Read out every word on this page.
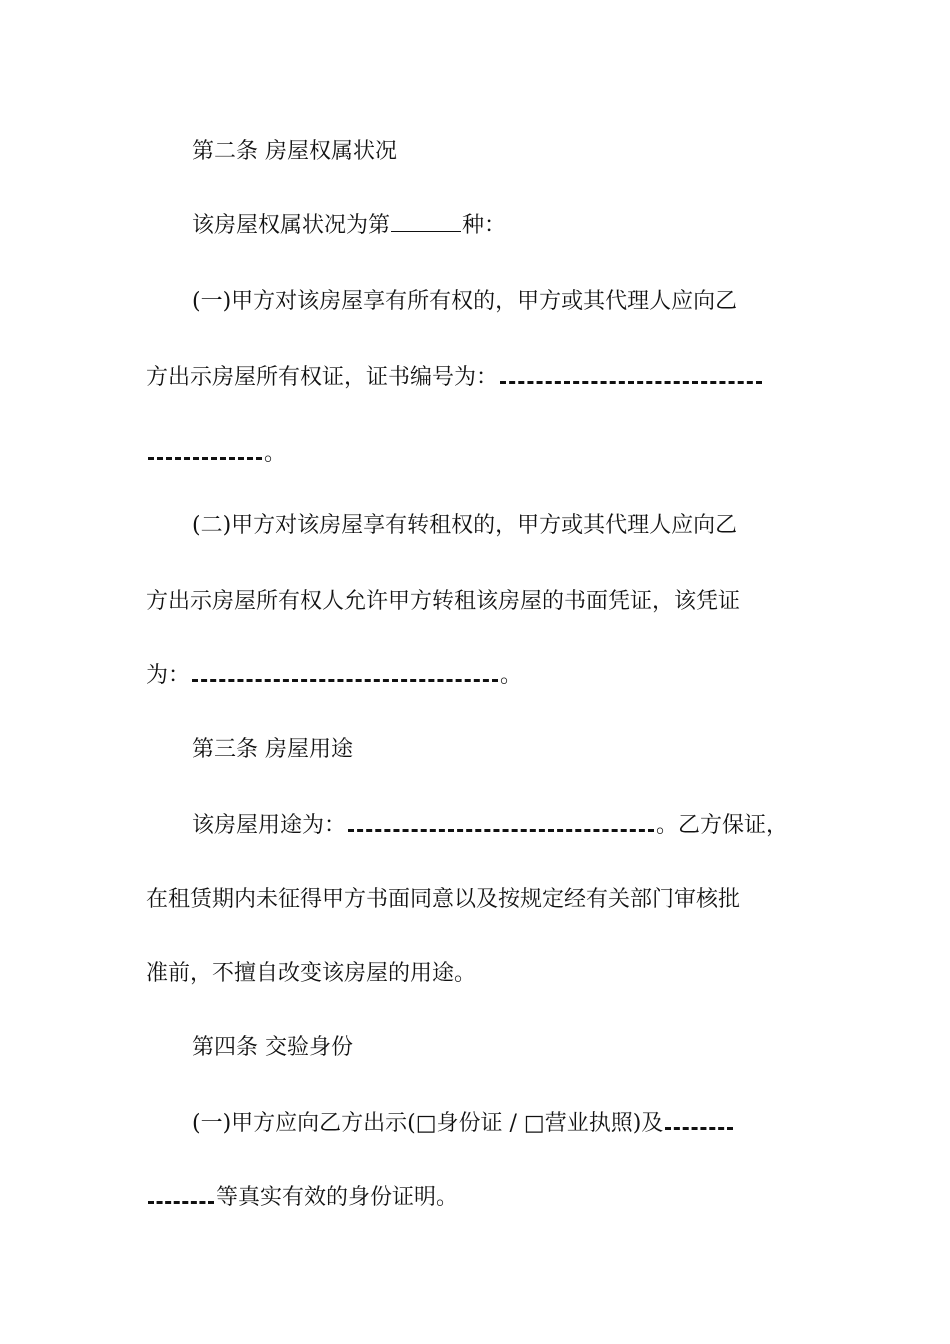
第二条 房屋权属状况
该房屋权属状况为第	种：
(一)甲方对该房屋享有所有权的，甲方或其代理人应向乙
方出示房屋所有权证，证书编号为：
。
(二)甲方对该房屋享有转租权的，甲方或其代理人应向乙
方出示房屋所有权人允许甲方转租该房屋的书面凭证，该凭证
为：	。
第三条 房屋用途
该房屋用途为：	。乙方保证，
在租赁期内未征得甲方书面同意以及按规定经有关部门审核批
准前，不擅自改变该房屋的用途。
第四条 交验身份
(一)甲方应向乙方出示(□身份证 / □营业执照)及
等真实有效的身份证明。
